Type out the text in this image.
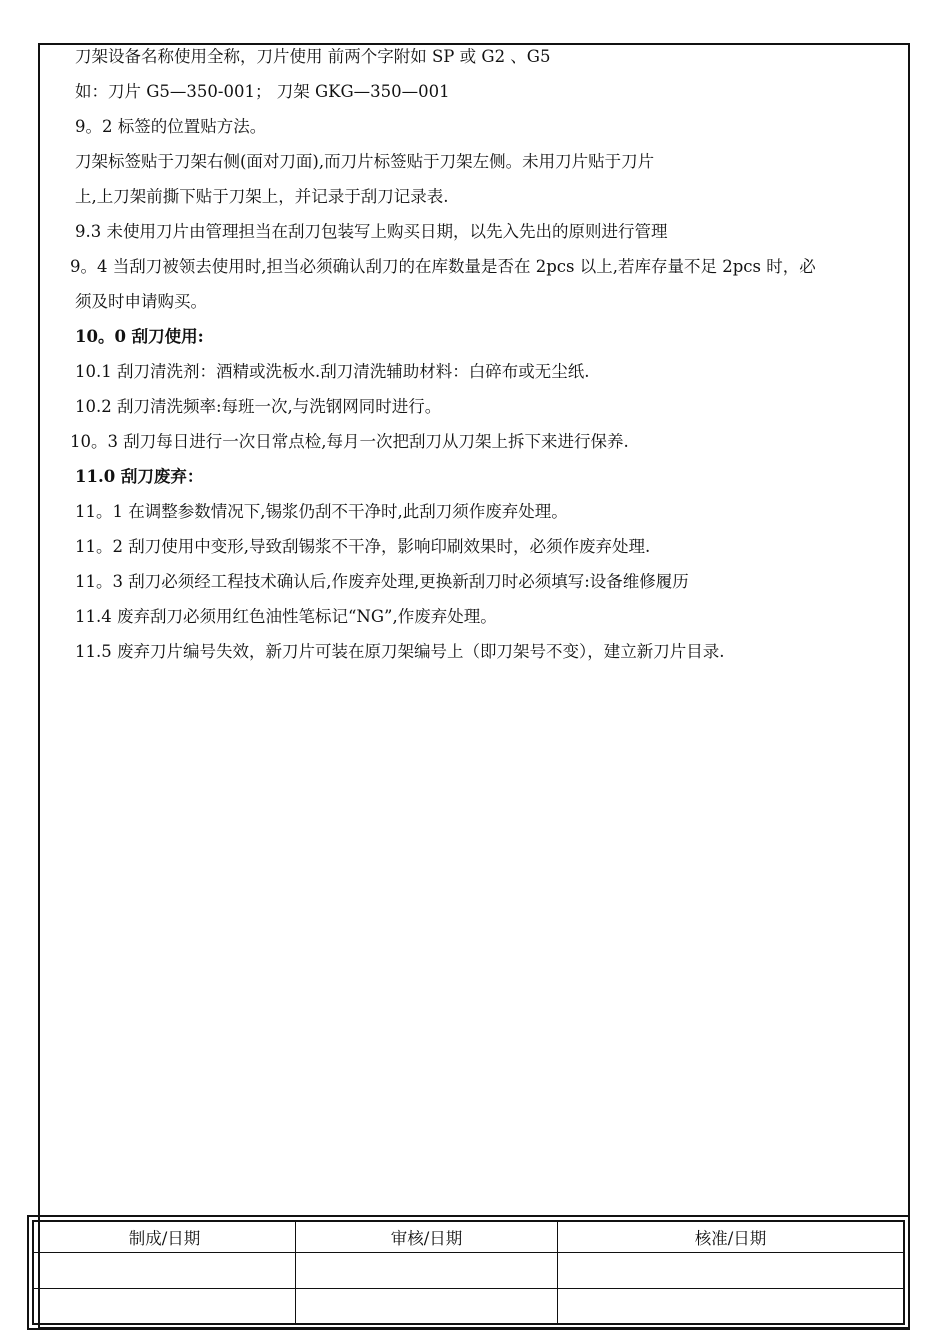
刀架设备名称使用全称，刀片使用 前两个字附如 SP 或 G2 、G5
如：刀片 G5—350-001； 刀架 GKG—350—001
9。2 标签的位置贴方法。
刀架标签贴于刀架右侧(面对刀面),而刀片标签贴于刀架左侧。未用刀片贴于刀片
上,上刀架前撕下贴于刀架上，并记录于刮刀记录表.
9.3 未使用刀片由管理担当在刮刀包装写上购买日期，以先入先出的原则进行管理
9。4 当刮刀被领去使用时,担当必须确认刮刀的在库数量是否在 2pcs 以上,若库存量不足 2pcs 时，必
须及时申请购买。
10。0 刮刀使用:
10.1 刮刀清洗剂：酒精或洗板水.刮刀清洗辅助材料：白碎布或无尘纸.
10.2 刮刀清洗频率:每班一次,与洗钢网同时进行。
10。3 刮刀每日进行一次日常点检,每月一次把刮刀从刀架上拆下来进行保养.
11.0 刮刀废弃：
11。1 在调整参数情况下,锡浆仍刮不干净时,此刮刀须作废弃处理。
11。2 刮刀使用中变形,导致刮锡浆不干净，影响印刷效果时，必须作废弃处理.
11。3 刮刀必须经工程技术确认后,作废弃处理,更换新刮刀时必须填写:设备维修履历
11.4 废弃刮刀必须用红色油性笔标记“NG”,作废弃处理。
11.5 废弃刀片编号失效，新刀片可装在原刀架编号上（即刀架号不变），建立新刀片目录.
制成/日期	审核/日期	核准/日期
